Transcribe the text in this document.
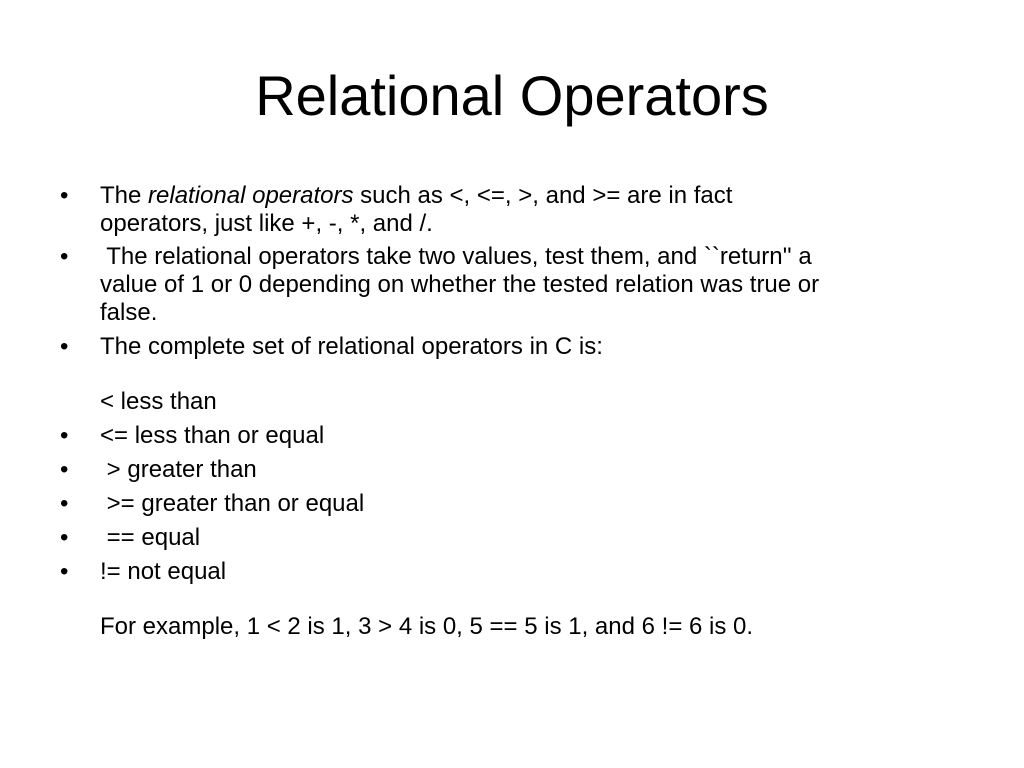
Relational Operators
• The relational operators such as <, <=, >, and >= are in fact
operators, just like +, -, *, and /.
• The relational operators take two values, test them, and ``return'' a
value of 1 or 0 depending on whether the tested relation was true or
false.
• The complete set of relational operators in C is:
< less than
• <= less than or equal
• > greater than
• >= greater than or equal
• == equal
• != not equal
For example, 1 < 2 is 1, 3 > 4 is 0, 5 == 5 is 1, and 6 != 6 is 0.
